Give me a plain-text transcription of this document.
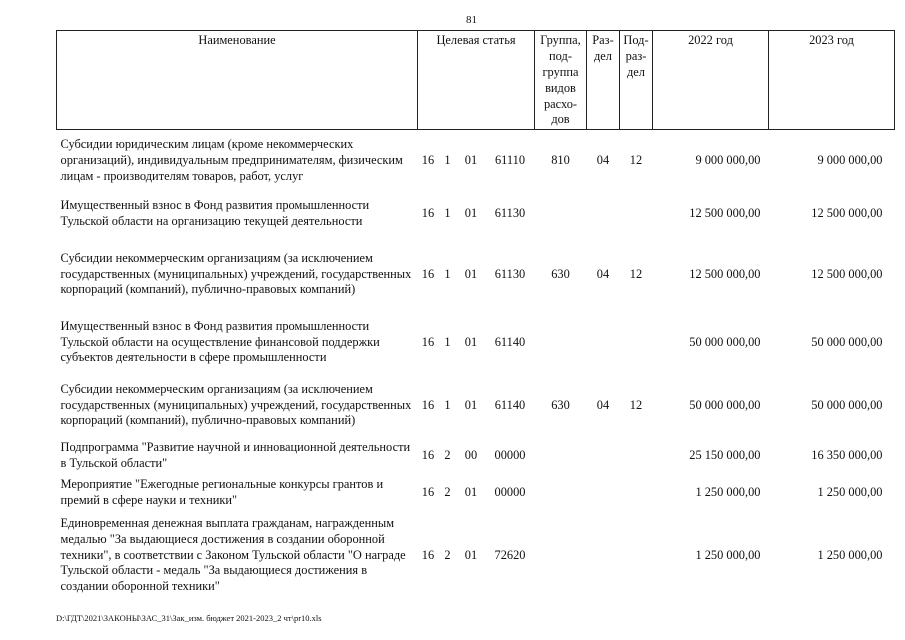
81
Наименование	Целевая статья				Группа, под-группа видов расхо-дов	Раз-дел	Под-раз-дел	2022 год	2023 год
Субсидии юридическим лицам (кроме некоммерческих организаций), индивидуальным предпринимателям, физическим лицам - производителям товаров, работ, услуг	16	1	01	61110	810	04	12	9 000 000,00	9 000 000,00
Имущественный взнос в Фонд развития промышленности Тульской области на организацию текущей деятельности	16	1	01	61130				12 500 000,00	12 500 000,00
Субсидии некоммерческим организациям (за исключением государственных (муниципальных) учреждений, государственных корпораций (компаний), публично-правовых компаний)	16	1	01	61130	630	04	12	12 500 000,00	12 500 000,00
Имущественный взнос в Фонд развития промышленности Тульской области на осуществление финансовой поддержки субъектов деятельности в сфере промышленности	16	1	01	61140				50 000 000,00	50 000 000,00
Субсидии некоммерческим организациям (за исключением государственных (муниципальных) учреждений, государственных корпораций (компаний), публично-правовых компаний)	16	1	01	61140	630	04	12	50 000 000,00	50 000 000,00
Подпрограмма "Развитие научной и инновационной деятельности в Тульской области"	16	2	00	00000				25 150 000,00	16 350 000,00
Мероприятие "Ежегодные региональные конкурсы грантов и премий в сфере науки и техники"	16	2	01	00000				1 250 000,00	1 250 000,00
Единовременная денежная выплата гражданам, награжденным медалью "За выдающиеся достижения в создании оборонной техники", в соответствии с Законом Тульской области "О награде Тульской области - медаль "За выдающиеся достижения в создании оборонной техники"	16	2	01	72620				1 250 000,00	1 250 000,00
D:\ГДТ\2021\ЗАКОНЫ\ЗАС_31\Зак_изм. бюджет 2021-2023_2 чт\pr10.xls
